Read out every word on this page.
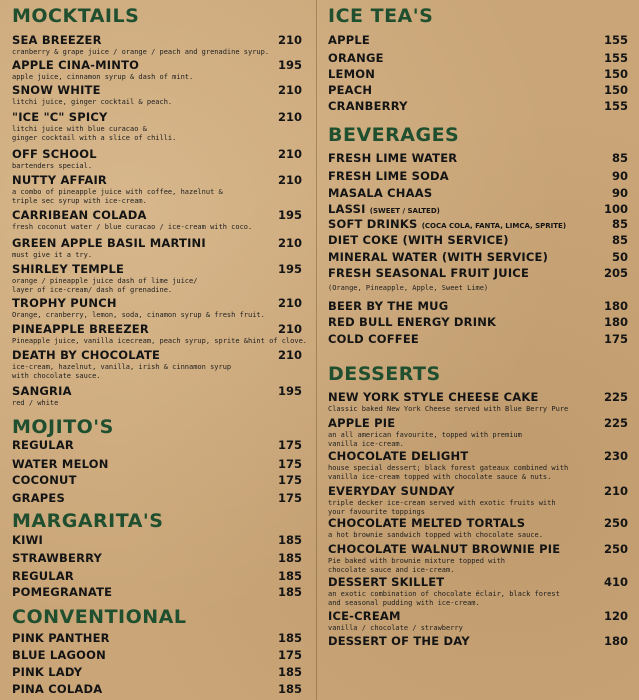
MOCKTAILS
SEA BREEZER	210
cranberry & grape juice / orange / peach and grenadine syrup.
APPLE CINA-MINTO	195
apple juice, cinnamon syrup & dash of mint.
SNOW WHITE	210
litchi juice, ginger cocktail & peach.
"ICE "C" SPICY	210
litchi juice with blue curacao &
ginger cocktail with a slice of chilli.
OFF SCHOOL	210
bartenders special.
NUTTY AFFAIR	210
a combo of pineapple juice with coffee, hazelnut &
triple sec syrup with ice-cream.
CARRIBEAN COLADA	195
fresh coconut water / blue curacao / ice-cream with coco.
GREEN APPLE BASIL MARTINI	210
must give it a try.
SHIRLEY TEMPLE	195
orange / pineapple juice dash of lime juice/
layer of ice-cream/ dash of grenadine.
TROPHY PUNCH	210
Orange, cranberry, lemon, soda, cinamon syrup & fresh fruit.
PINEAPPLE BREEZER	210
Pineapple juice, vanilla icecream, peach syrup, sprite &hint of clove.
DEATH BY CHOCOLATE	210
ice-cream, hazelnut, vanilla, irish & cinnamon syrup
with chocolate sauce.
SANGRIA	195
red / white
MOJITO'S
REGULAR	175
WATER MELON	175
COCONUT	175
GRAPES	175
MARGARITA'S
KIWI	185
STRAWBERRY	185
REGULAR	185
POMEGRANATE	185
CONVENTIONAL
PINK PANTHER	185
BLUE LAGOON	175
PINK LADY	185
PINA COLADA	185
ICE TEA'S
APPLE	155
ORANGE	155
LEMON	150
PEACH	150
CRANBERRY	155
BEVERAGES
FRESH LIME WATER	85
FRESH LIME SODA	90
MASALA CHAAS	90
LASSI (SWEET / SALTED)	100
SOFT DRINKS (COCA COLA, FANTA, LIMCA, SPRITE)	85
DIET COKE (WITH SERVICE)	85
MINERAL WATER (WITH SERVICE)	50
FRESH SEASONAL FRUIT JUICE	205
(Orange, Pineapple, Apple, Sweet Lime)
BEER BY THE MUG	180
RED BULL ENERGY DRINK	180
COLD COFFEE	175
DESSERTS
NEW YORK STYLE CHEESE CAKE	225
Classic baked New York Cheese served with Blue Berry Pure
APPLE PIE	225
an all american favourite, topped with premium
vanilla ice-cream.
CHOCOLATE DELIGHT	230
house special dessert; black forest gateaux combined with
vanilla ice-cream topped with chocolate sauce & nuts.
EVERYDAY SUNDAY	210
triple decker ice-cream served with exotic fruits with
your favourite toppings
CHOCOLATE MELTED TORTALS	250
a hot brownie sandwich topped with chocolate sauce.
CHOCOLATE WALNUT BROWNIE PIE	250
Pie baked with brownie mixture topped with
chocolate sauce and ice-cream.
DESSERT SKILLET	410
an exotic combination of chocolate éclair, black forest
and seasonal pudding with ice-cream.
ICE-CREAM	120
vanilla / chocolate / strawberry
DESSERT OF THE DAY	180
